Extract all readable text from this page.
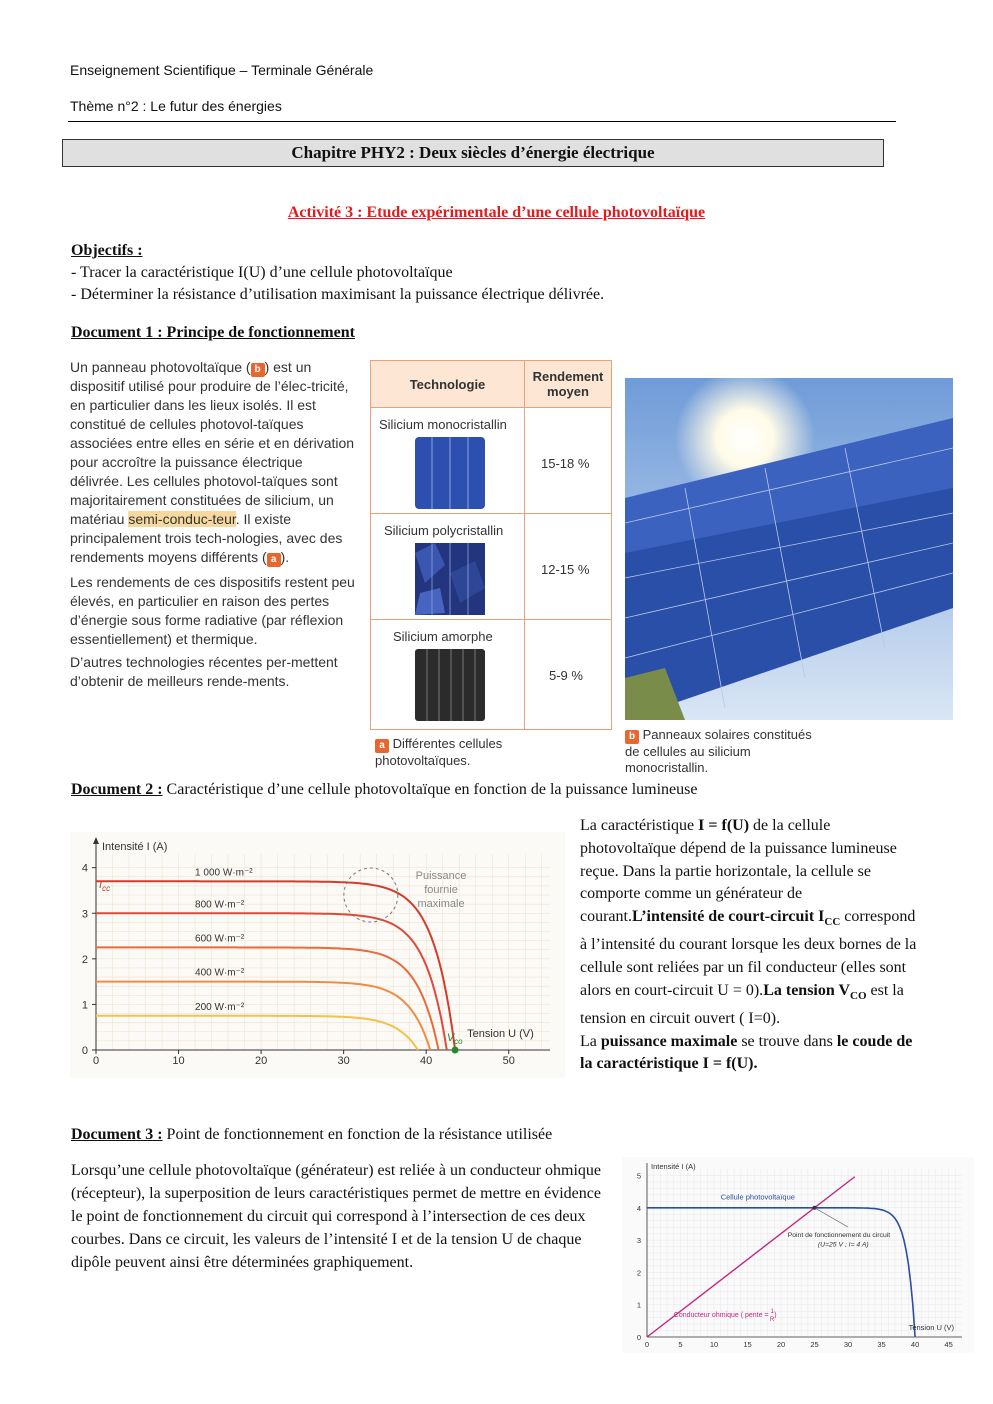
Enseignement Scientifique – Terminale Générale
Thème n°2 : Le futur des énergies
Chapitre PHY2 : Deux siècles d’énergie électrique
Activité 3 : Etude expérimentale d’une cellule photovoltaïque
Objectifs :
- Tracer la caractéristique I(U) d’une cellule photovoltaïque
- Déterminer la résistance d’utilisation maximisant la puissance électrique délivrée.
Document 1 : Principe de fonctionnement
Un panneau photovoltaïque ( b ) est un dispositif utilisé pour produire de l’élec-tricité, en particulier dans les lieux isolés. Il est constitué de cellules photovol-taïques associées entre elles en série et en dérivation pour accroître la puissance électrique délivrée. Les cellules photovol-taïques sont majoritairement constituées de silicium, un matériau semi-conduc-teur. Il existe principalement trois tech-nologies, avec des rendements moyens différents ( a ).
Les rendements de ces dispositifs restent peu élevés, en particulier en raison des pertes d’énergie sous forme radiative (par réflexion essentiellement) et thermique.
D’autres technologies récentes per-mettent d’obtenir de meilleurs rende-ments.
Technologie	Rendement moyen
Silicium monocristallin
15-18 %
Silicium polycristallin
12-15 %
Silicium amorphe
5-9 %
a Différentes cellules photovoltaïques.
b Panneaux solaires constitués de cellules au silicium monocristallin.
Document 2 : Caractéristique d’une cellule photovoltaïque en fonction de la puissance lumineuse
0	10	20	30	40	50
0
1
2
3
4
Intensité I (A)
Tension U (V)
1 000 W·m⁻²
800 W·m⁻²
600 W·m⁻²
400 W·m⁻²
200 W·m⁻²
$I_{cc}$
$V_{co}$
Puissance
fournie
maximale
La caractéristique I = f(U) de la cellule photovoltaïque dépend de la puissance lumineuse reçue. Dans la partie horizontale, la cellule se comporte comme un générateur de courant.L’intensité de court-circuit $I_{CC}$ correspond à l’intensité du courant lorsque les deux bornes de la cellule sont reliées par un fil conducteur (elles sont alors en court-circuit U = 0).La tension $V_{CO}$ est la tension en circuit ouvert ( I=0).
La puissance maximale se trouve dans le coude de la caractéristique I = f(U).
Document 3 : Point de fonctionnement en fonction de la résistance utilisée
Lorsqu’une cellule photovoltaïque (générateur) est reliée à un conducteur ohmique (récepteur), la superposition de leurs caractéristiques permet de mettre en évidence le point de fonctionnement du circuit qui correspond à l’intersection de ces deux courbes. Dans ce circuit, les valeurs de l’intensité I et de la tension U de chaque dipôle peuvent ainsi être déterminées graphiquement.
0	5	10	15	20	25	30	35	40	45
0
1
2
3
4
5
Intensité I (A)
Tension U (V)
Cellule photovoltaïque
Point de fonctionnement du circuit
(U=25 V ; I= 4 A)
Conducteur ohmique ( pente = 1 R)
